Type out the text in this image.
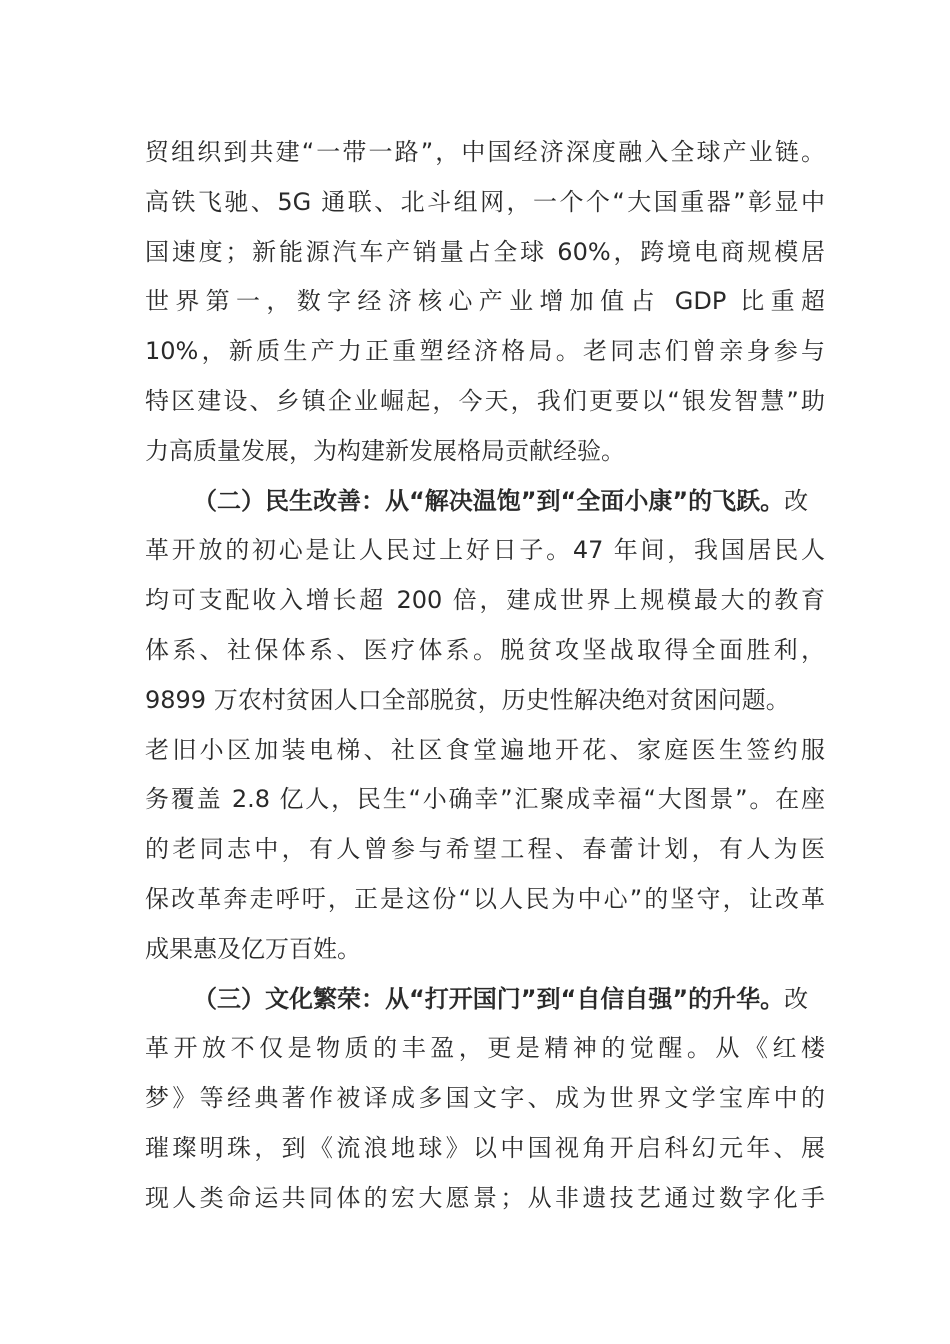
贸组织到共建“一带一路”，中国经济深度融入全球产业链。
高铁飞驰、5G 通联、北斗组网，一个个“大国重器”彰显中
国速度；新能源汽车产销量占全球 60%，跨境电商规模居
世界第一，数字经济核心产业增加值占 GDP 比重超
10%，新质生产力正重塑经济格局。老同志们曾亲身参与
特区建设、乡镇企业崛起，今天，我们更要以“银发智慧”助
力高质量发展，为构建新发展格局贡献经验。
（二）民生改善：从“解决温饱”到“全面小康”的飞跃。改
革开放的初心是让人民过上好日子。47 年间，我国居民人
均可支配收入增长超 200 倍，建成世界上规模最大的教育
体系、社保体系、医疗体系。脱贫攻坚战取得全面胜利，
9899 万农村贫困人口全部脱贫，历史性解决绝对贫困问题。
老旧小区加装电梯、社区食堂遍地开花、家庭医生签约服
务覆盖 2.8 亿人，民生“小确幸”汇聚成幸福“大图景”。在座
的老同志中，有人曾参与希望工程、春蕾计划，有人为医
保改革奔走呼吁，正是这份“以人民为中心”的坚守，让改革
成果惠及亿万百姓。
（三）文化繁荣：从“打开国门”到“自信自强”的升华。改
革开放不仅是物质的丰盈，更是精神的觉醒。从《红楼
梦》等经典著作被译成多国文字、成为世界文学宝库中的
璀璨明珠，到《流浪地球》以中国视角开启科幻元年、展
现人类命运共同体的宏大愿景；从非遗技艺通过数字化手
